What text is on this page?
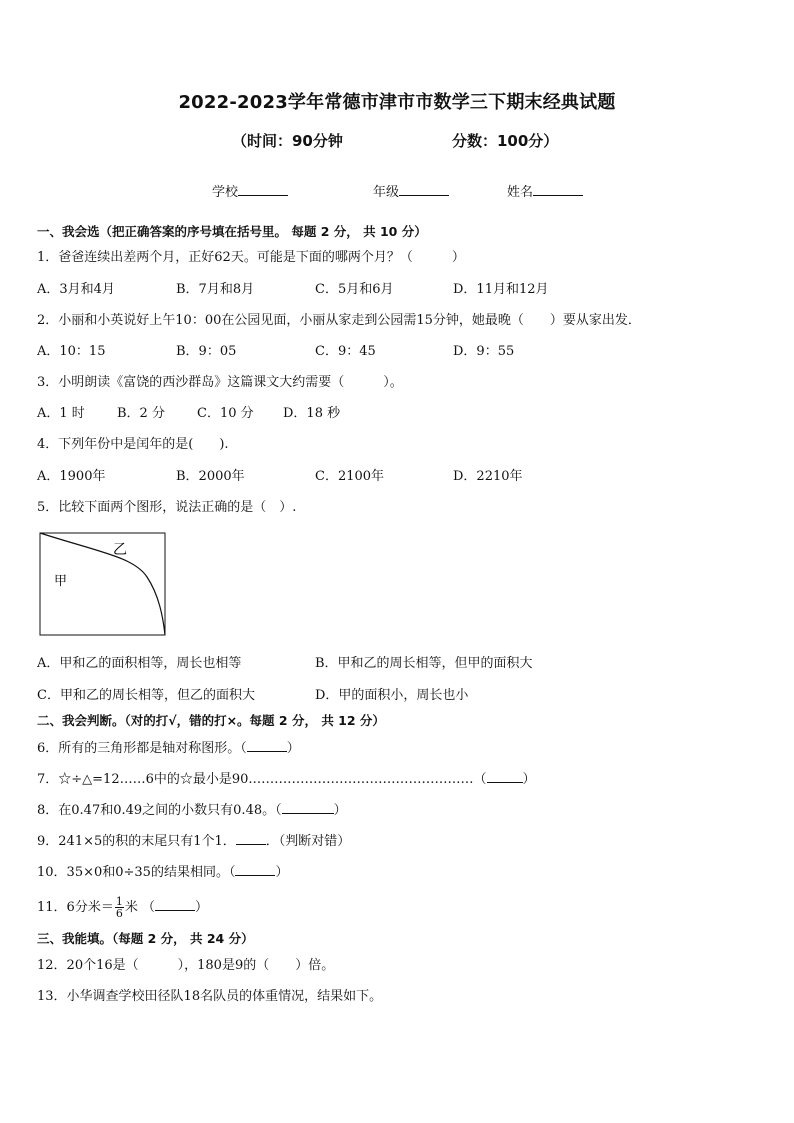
2022-2023学年常德市津市市数学三下期末经典试题
（时间：90分钟	分数：100分）
学校	年级	姓名
一、我会选（把正确答案的序号填在括号里。 每题 2 分， 共 10 分）
1．爸爸连续出差两个月，正好62天。可能是下面的哪两个月？（　　　）
A．3月和4月	B．7月和8月	C．5月和6月	D．11月和12月
2．小丽和小英说好上午10：00在公园见面，小丽从家走到公园需15分钟，她最晚（　　）要从家出发．
A．10：15	B．9：05	C．9：45	D．9：55
3．小明朗读《富饶的西沙群岛》这篇课文大约需要（　　　）。
A．1 时 B．2 分 C．10 分 D．18 秒
4．下列年份中是闰年的是(　　).
A．1900年	B．2000年	C．2100年	D．2210年
5．比较下面两个图形，说法正确的是（　）.
乙
甲
A．甲和乙的面积相等，周长也相等	B．甲和乙的周长相等，但甲的面积大
C．甲和乙的周长相等，但乙的面积大	D．甲的面积小，周长也小
二、我会判断。（对的打√，错的打×。每题 2 分， 共 12 分）
6．所有的三角形都是轴对称图形。（	）
7．☆÷△=12……6中的☆最小是90.……………………………………………（	）
8．在0.47和0.49之间的小数只有0.48。（	）
9．241×5的积的末尾只有1个1． ．（判断对错）
10．35×0和0÷35的结果相同。（	）
11．6分米＝ $\frac{1}{6}$ 米 （	）
三、我能填。（每题 2 分， 共 24 分）
12．20个16是（　　　），180是9的（　　）倍。
13．小华调查学校田径队18名队员的体重情况，结果如下。
